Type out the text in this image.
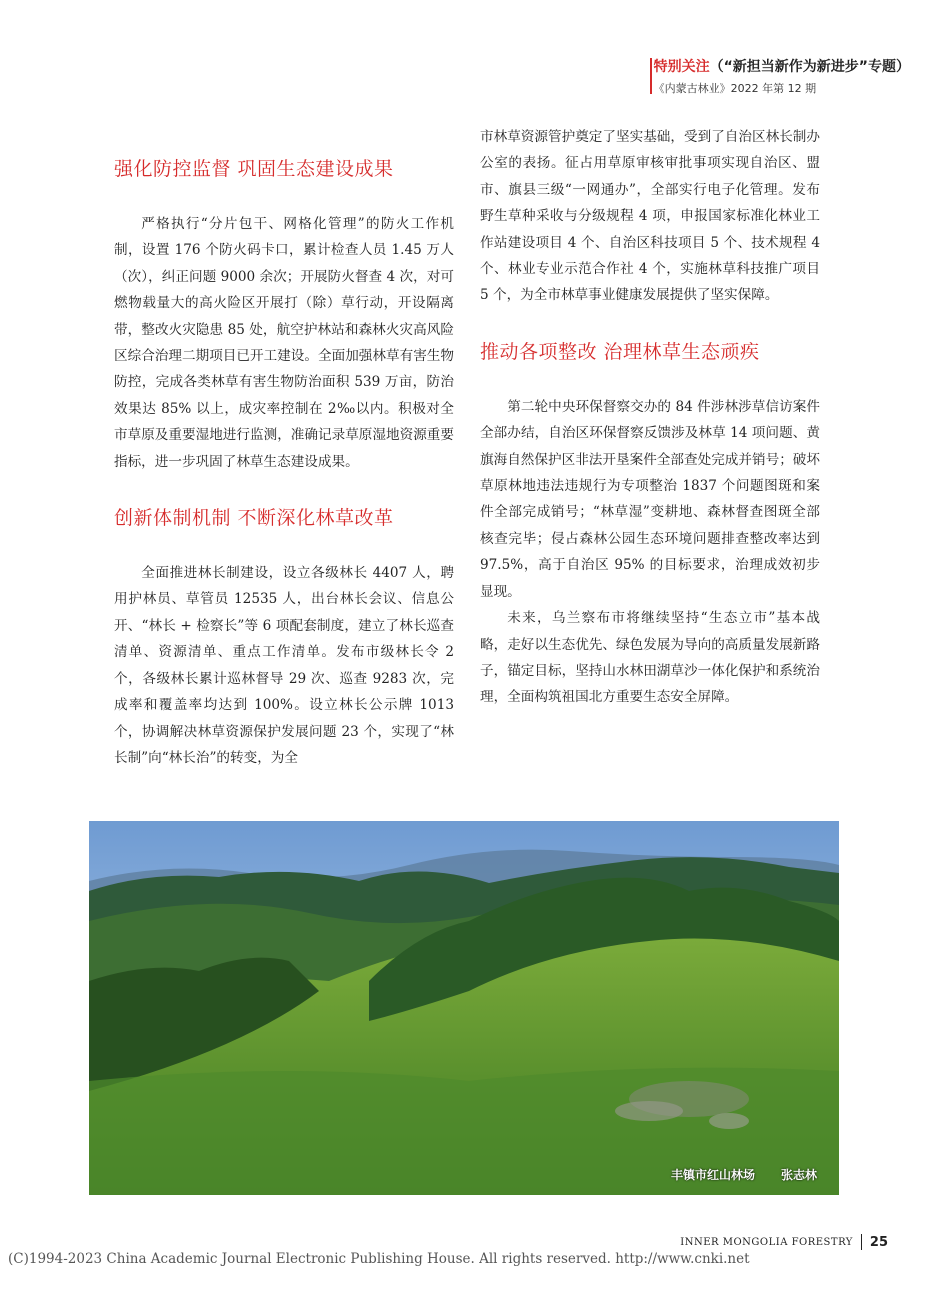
特别关注（“新担当新作为新进步”专题）
《内蒙古林业》2022 年第 12 期
强化防控监督 巩固生态建设成果

严格执行“分片包干、网格化管理”的防火工作机制，设置 176 个防火码卡口，累计检查人员 1.45 万人（次），纠正问题 9000 余次；开展防火督查 4 次，对可燃物载量大的高火险区开展打（除）草行动，开设隔离带，整改火灾隐患 85 处，航空护林站和森林火灾高风险区综合治理二期项目已开工建设。全面加强林草有害生物防控，完成各类林草有害生物防治面积 539 万亩，防治效果达 85% 以上，成灾率控制在 2‰以内。积极对全市草原及重要湿地进行监测，准确记录草原湿地资源重要指标，进一步巩固了林草生态建设成果。

创新体制机制 不断深化林草改革

全面推进林长制建设，设立各级林长 4407 人，聘用护林员、草管员 12535 人，出台林长会议、信息公开、“林长 + 检察长”等 6 项配套制度，建立了林长巡查清单、资源清单、重点工作清单。发布市级林长令 2 个，各级林长累计巡林督导 29 次、巡查 9283 次，完成率和覆盖率均达到 100%。设立林长公示牌 1013 个，协调解决林草资源保护发展问题 23 个，实现了“林长制”向“林长治”的转变，为全

市林草资源管护奠定了坚实基础，受到了自治区林长制办公室的表扬。征占用草原审核审批事项实现自治区、盟市、旗县三级“一网通办”，全部实行电子化管理。发布野生草种采收与分级规程 4 项，申报国家标准化林业工作站建设项目 4 个、自治区科技项目 5 个、技术规程 4 个、林业专业示范合作社 4 个，实施林草科技推广项目 5 个，为全市林草事业健康发展提供了坚实保障。

推动各项整改 治理林草生态顽疾

第二轮中央环保督察交办的 84 件涉林涉草信访案件全部办结，自治区环保督察反馈涉及林草 14 项问题、黄旗海自然保护区非法开垦案件全部查处完成并销号；破坏草原林地违法违规行为专项整治 1837 个问题图斑和案件全部完成销号；“林草湿”变耕地、森林督查图斑全部核查完毕；侵占森林公园生态环境问题排查整改率达到 97.5%，高于自治区 95% 的目标要求，治理成效初步显现。

未来，乌兰察布市将继续坚持“生态立市”基本战略，走好以生态优先、绿色发展为导向的高质量发展新路子，锚定目标，坚持山水林田湖草沙一体化保护和系统治理，全面构筑祖国北方重要生态安全屏障。

丰镇市红山林场 张志林
INNER MONGOLIA FORESTRY 25
(C)1994-2023 China Academic Journal Electronic Publishing House. All rights reserved. http://www.cnki.net
